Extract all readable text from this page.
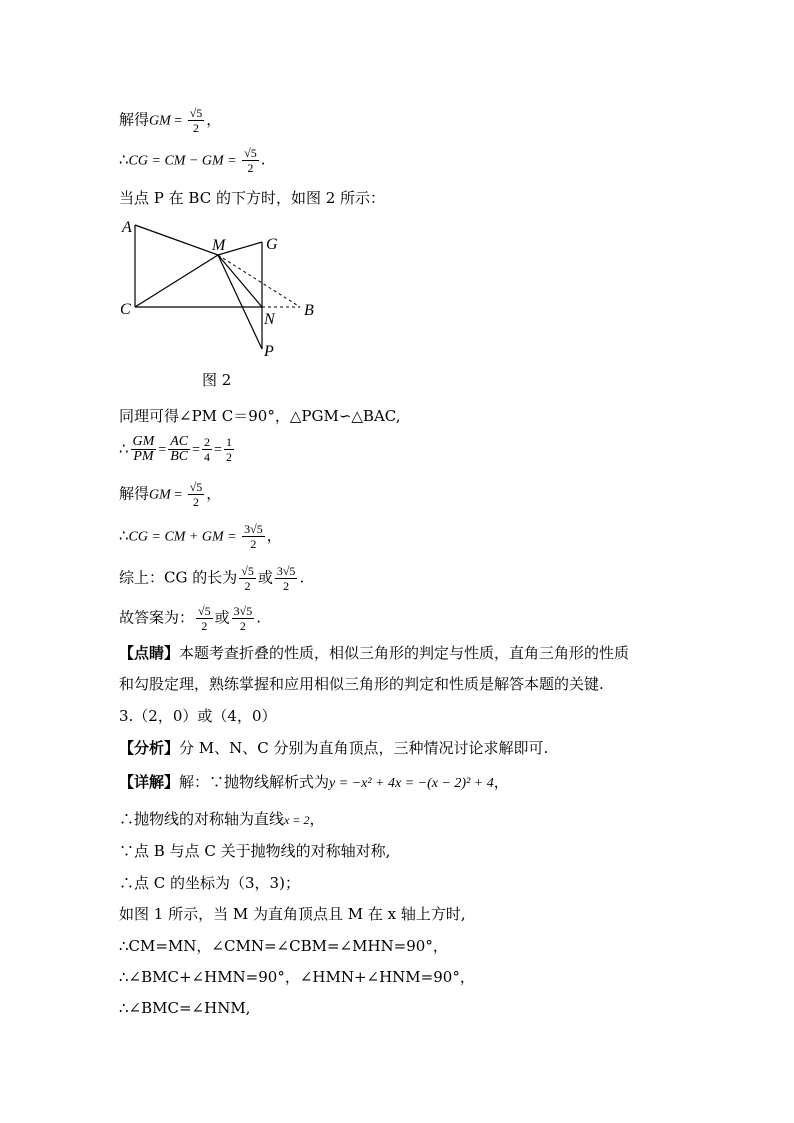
解得GM = $\frac{√5}{2}$ ，
∴CG = CM − GM = $\frac{√5}{2}$ .
当点 P 在 BC 的下方时，如图 2 所示：
A
C
M	G
N
B
P
图 2
同理可得∠PM C＝90°，△PGM∽△BAC,
∴ $\frac{GM}{PM} = \frac{AC}{BC} = \frac{2}{4} = \frac{1}{2}$
解得GM = $\frac{√5}{2}$ ，
∴CG = CM + GM = $\frac{3√5}{2}$ ，
综上：CG 的长为 $\frac{√5}{2}$ 或 $\frac{3√5}{2}$ .
故答案为： $\frac{√5}{2}$ 或 $\frac{3√5}{2}$ .
【点睛】本题考查折叠的性质，相似三角形的判定与性质，直角三角形的性质
和勾股定理，熟练掌握和应用相似三角形的判定和性质是解答本题的关键.
3.（2，0）或（4，0）
【分析】分 M、N、C 分别为直角顶点，三种情况讨论求解即可.
【详解】解：∵抛物线解析式为y = −x² + 4x = −(x − 2)² + 4，
∴抛物线的对称轴为直线x = 2，
∵点 B 与点 C 关于抛物线的对称轴对称,
∴点 C 的坐标为（3，3)；
如图 1 所示，当 M 为直角顶点且 M 在 x 轴上方时,
∴CM=MN，∠CMN=∠CBM=∠MHN=90°，
∴∠BMC+∠HMN=90°，∠HMN+∠HNM=90°，
∴∠BMC=∠HNM,
